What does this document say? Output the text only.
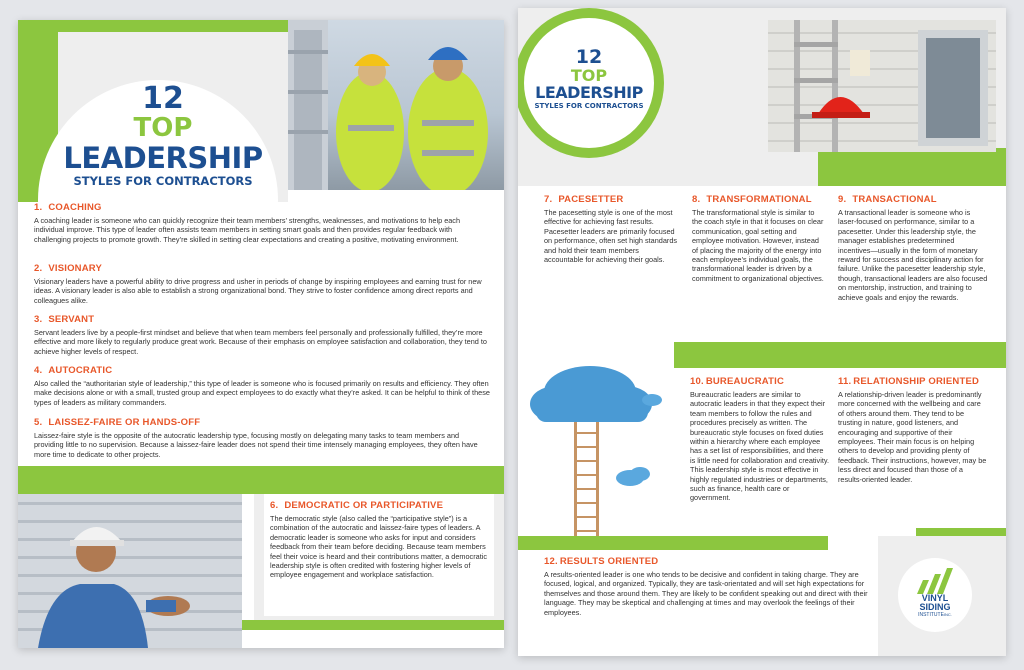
12
TOP
LEADERSHIP
STYLES FOR CONTRACTORS
1. COACHING
A coaching leader is someone who can quickly recognize their team members’ strengths, weaknesses, and motivations to help each individual improve. This type of leader often assists team members in setting smart goals and then provides regular feedback with challenging projects to promote growth. They’re skilled in setting clear expectations and creating a positive, motivating environment.
2. VISIONARY
Visionary leaders have a powerful ability to drive progress and usher in periods of change by inspiring employees and earning trust for new ideas. A visionary leader is also able to establish a strong organizational bond. They strive to foster confidence among direct reports and colleagues alike.
3. SERVANT
Servant leaders live by a people-first mindset and believe that when team members feel personally and professionally fulfilled, they’re more effective and more likely to regularly produce great work. Because of their emphasis on employee satisfaction and collaboration, they tend to achieve higher levels of respect.
4. AUTOCRATIC
Also called the “authoritarian style of leadership,” this type of leader is someone who is focused primarily on results and efficiency. They often make decisions alone or with a small, trusted group and expect employees to do exactly what they’re asked. It can be helpful to think of these types of leaders as military commanders.
5. LAISSEZ-FAIRE OR HANDS-OFF
Laissez-faire style is the opposite of the autocratic leadership type, focusing mostly on delegating many tasks to team members and providing little to no supervision. Because a laissez-faire leader does not spend their time intensely managing employees, they often have more time to dedicate to other projects.
6. DEMOCRATIC OR PARTICIPATIVE
The democratic style (also called the “participative style”) is a combination of the autocratic and laissez-faire types of leaders. A democratic leader is someone who asks for input and considers feedback from their team before deciding. Because team members feel their voice is heard and their contributions matter, a democratic leadership style is often credited with fostering higher levels of employee engagement and workplace satisfaction.
12
TOP
LEADERSHIP
STYLES FOR CONTRACTORS
7. PACESETTER
The pacesetting style is one of the most effective for achieving fast results. Pacesetter leaders are primarily focused on performance, often set high standards and hold their team members accountable for achieving their goals.
8. TRANSFORMATIONAL
The transformational style is similar to the coach style in that it focuses on clear communication, goal setting and employee motivation. However, instead of placing the majority of the energy into each employee’s individual goals, the transformational leader is driven by a commitment to organizational objectives.
9. TRANSACTIONAL
A transactional leader is someone who is laser-focused on performance, similar to a pacesetter. Under this leadership style, the manager establishes predetermined incentives—usually in the form of monetary reward for success and disciplinary action for failure. Unlike the pacesetter leadership style, though, transactional leaders are also focused on mentorship, instruction, and training to achieve goals and enjoy the rewards.
10. BUREAUCRATIC
Bureaucratic leaders are similar to autocratic leaders in that they expect their team members to follow the rules and procedures precisely as written. The bureaucratic style focuses on fixed duties within a hierarchy where each employee has a set list of responsibilities, and there is little need for collaboration and creativity. This leadership style is most effective in highly regulated industries or departments, such as finance, health care or government.
11. RELATIONSHIP ORIENTED
A relationship-driven leader is predominantly more concerned with the wellbeing and care of others around them. They tend to be trusting in nature, good listeners, and encouraging and supportive of their employees. Their main focus is on helping others to develop and providing plenty of feedback. Their instructions, however, may be less direct and focused than those of a results-oriented leader.
12. RESULTS ORIENTED
A results-oriented leader is one who tends to be decisive and confident in taking charge. They are focused, logical, and organized. Typically, they are task-orientated and will set high expectations for themselves and those around them. They are likely to be confident speaking out and direct with their language. They may be skeptical and challenging at times and may overlook the feelings of their employees.
VINYL
SIDING
INSTITUTEINC.
